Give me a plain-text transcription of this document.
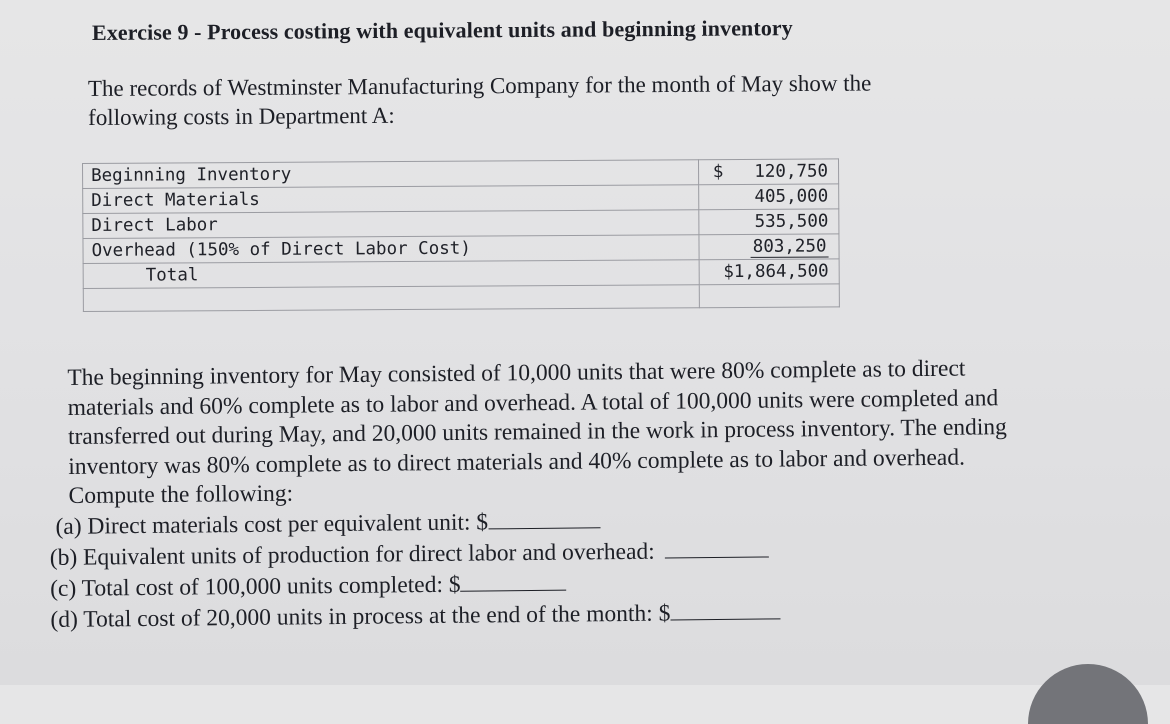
Exercise 9 - Process costing with equivalent units and beginning inventory
The records of Westminster Manufacturing Company for the month of May show the following costs in Department A:
Beginning Inventory	$ 120,750
Direct Materials	405,000
Direct Labor	535,500
Overhead (150% of Direct Labor Cost)	803,250
Total	$1,864,500

The beginning inventory for May consisted of 10,000 units that were 80% complete as to direct materials and 60% complete as to labor and overhead. A total of 100,000 units were completed and transferred out during May, and 20,000 units remained in the work in process inventory. The ending inventory was 80% complete as to direct materials and 40% complete as to labor and overhead. Compute the following:
(a) Direct materials cost per equivalent unit: $
(b) Equivalent units of production for direct labor and overhead:
(c) Total cost of 100,000 units completed: $
(d) Total cost of 20,000 units in process at the end of the month: $
